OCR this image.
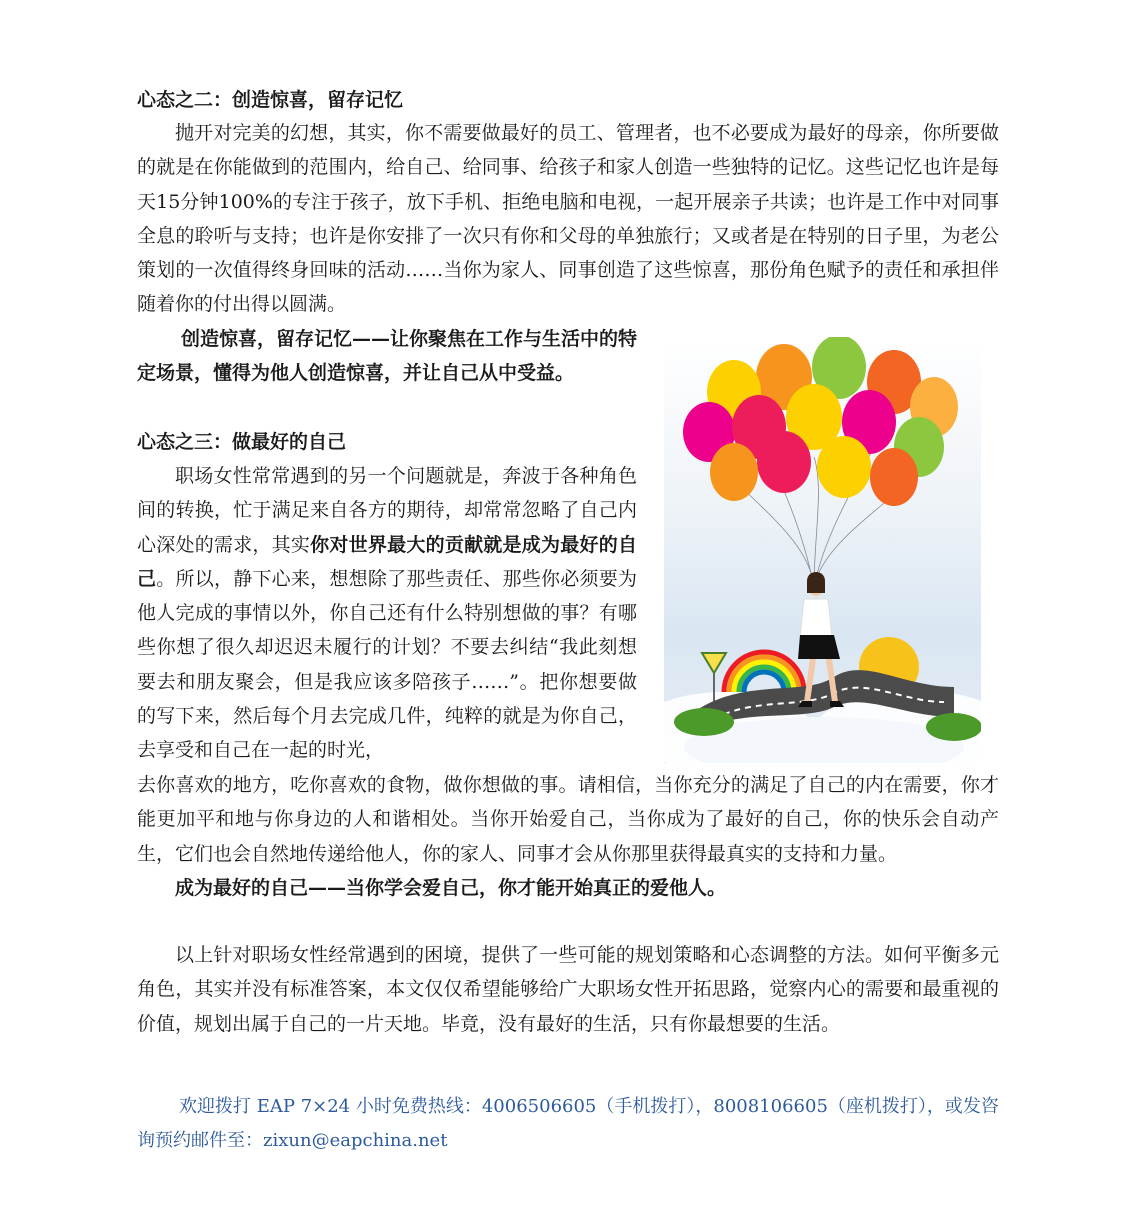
心态之二：创造惊喜，留存记忆

抛开对完美的幻想，其实，你不需要做最好的员工、管理者，也不必要成为最好的母亲，你所要做的就是在你能做到的范围内，给自己、给同事、给孩子和家人创造一些独特的记忆。这些记忆也许是每天15分钟100%的专注于孩子，放下手机、拒绝电脑和电视，一起开展亲子共读；也许是工作中对同事全息的聆听与支持；也许是你安排了一次只有你和父母的单独旅行；又或者是在特别的日子里，为老公策划的一次值得终身回味的活动……当你为家人、同事创造了这些惊喜，那份角色赋予的责任和承担伴随着你的付出得以圆满。

创造惊喜，留存记忆——让你聚焦在工作与生活中的特定场景，懂得为他人创造惊喜，并让自己从中受益。

心态之三：做最好的自己

职场女性常常遇到的另一个问题就是，奔波于各种角色间的转换，忙于满足来自各方的期待，却常常忽略了自己内心深处的需求，其实你对世界最大的贡献就是成为最好的自己。所以，静下心来，想想除了那些责任、那些你必须要为他人完成的事情以外，你自己还有什么特别想做的事？有哪些你想了很久却迟迟未履行的计划？不要去纠结“我此刻想要去和朋友聚会，但是我应该多陪孩子……”。把你想要做的写下来，然后每个月去完成几件，纯粹的就是为你自己，去享受和自己在一起的时光，

去你喜欢的地方，吃你喜欢的食物，做你想做的事。请相信，当你充分的满足了自己的内在需要，你才能更加平和地与你身边的人和谐相处。当你开始爱自己，当你成为了最好的自己，你的快乐会自动产生，它们也会自然地传递给他人，你的家人、同事才会从你那里获得最真实的支持和力量。

成为最好的自己——当你学会爱自己，你才能开始真正的爱他人。

以上针对职场女性经常遇到的困境，提供了一些可能的规划策略和心态调整的方法。如何平衡多元角色，其实并没有标准答案，本文仅仅希望能够给广大职场女性开拓思路，觉察内心的需要和最重视的价值，规划出属于自己的一片天地。毕竟，没有最好的生活，只有你最想要的生活。

欢迎拨打 EAP 7×24 小时免费热线：4006506605（手机拨打），8008106605（座机拨打），或发咨询预约邮件至：zixun@eapchina.net
